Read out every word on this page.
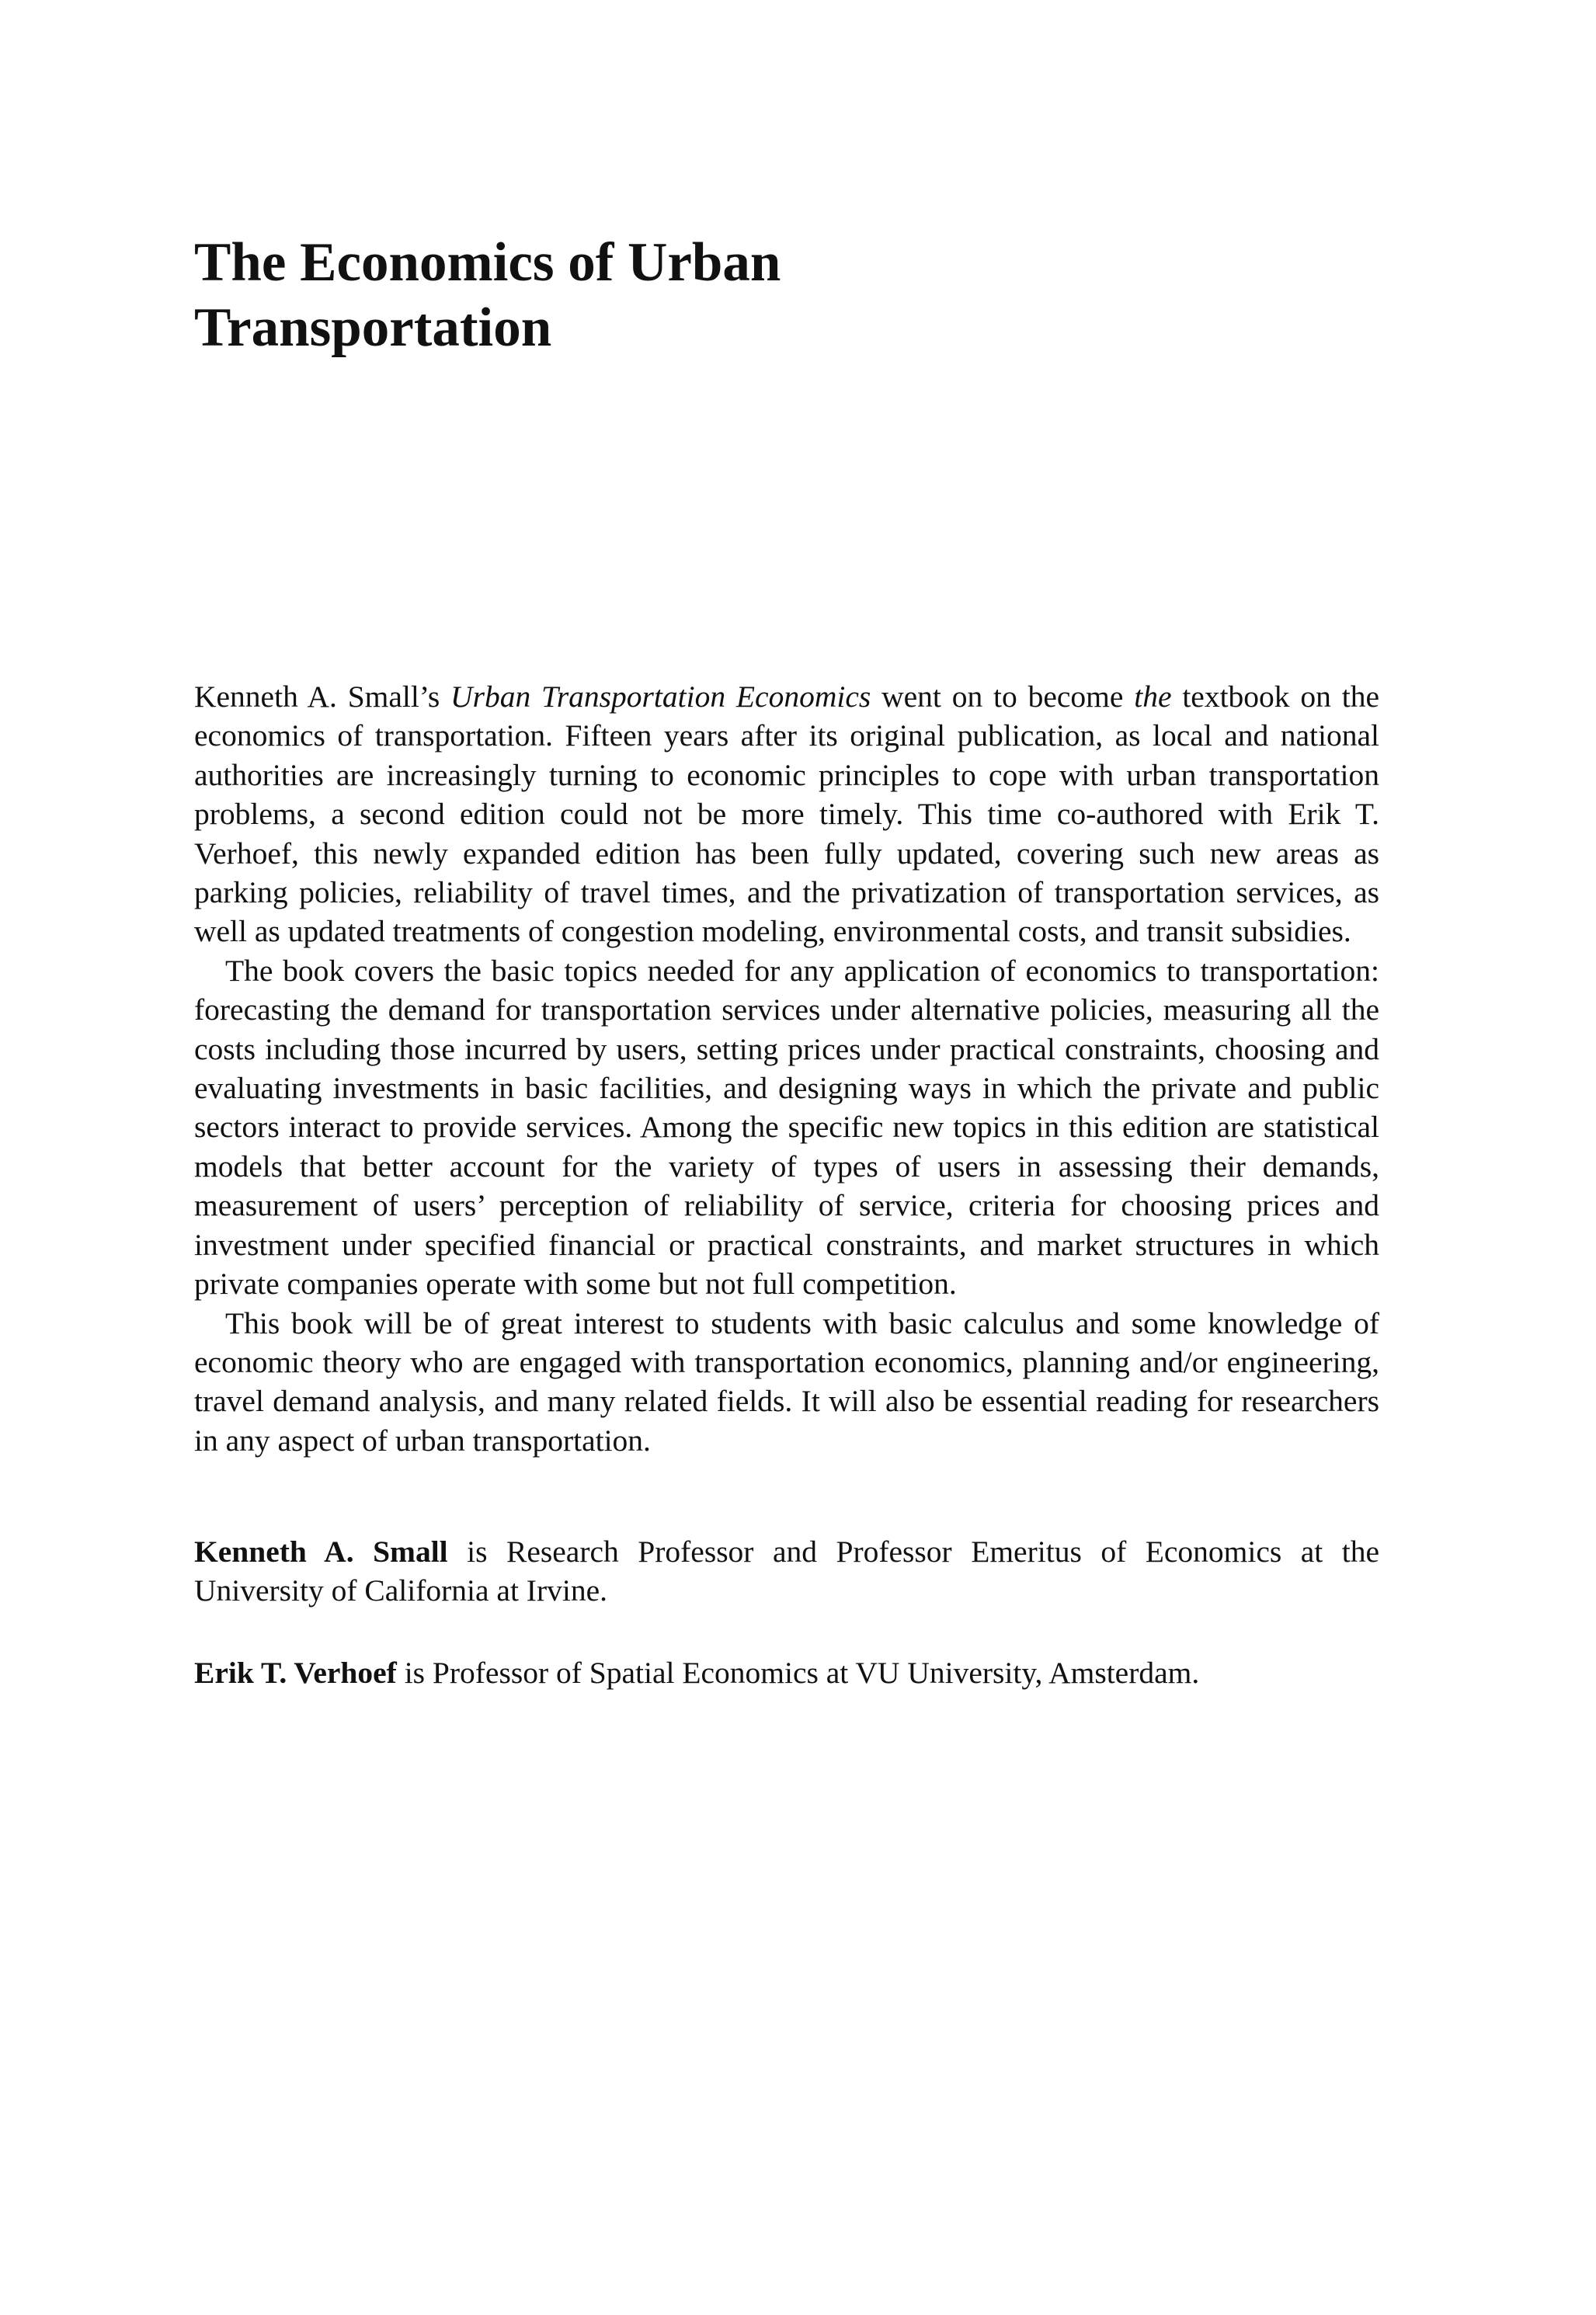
The Economics of Urban
Transportation

Kenneth A. Small’s Urban Transportation Economics went on to become the textbook on the economics of transportation. Fifteen years after its original publication, as local and national authorities are increasingly turning to economic principles to cope with urban transportation problems, a second edition could not be more timely. This time co-authored with Erik T. Verhoef, this newly expanded edition has been fully updated, covering such new areas as parking policies, reliability of travel times, and the privatization of transportation services, as well as updated treatments of congestion modeling, environmental costs, and transit subsidies.

The book covers the basic topics needed for any application of economics to transportation: forecasting the demand for transportation services under alternative policies, measuring all the costs including those incurred by users, setting prices under practical constraints, choosing and evaluating investments in basic facilities, and designing ways in which the private and public sectors interact to provide services. Among the specific new topics in this edition are statistical models that better account for the variety of types of users in assessing their demands, measurement of users’ perception of reliability of service, criteria for choosing prices and investment under specified financial or practical constraints, and market structures in which private companies operate with some but not full competition.

This book will be of great interest to students with basic calculus and some knowledge of economic theory who are engaged with transportation economics, planning and/or engineering, travel demand analysis, and many related fields. It will also be essential reading for researchers in any aspect of urban transportation.

Kenneth A. Small is Research Professor and Professor Emeritus of Economics at the University of California at Irvine.

Erik T. Verhoef is Professor of Spatial Economics at VU University, Amsterdam.
